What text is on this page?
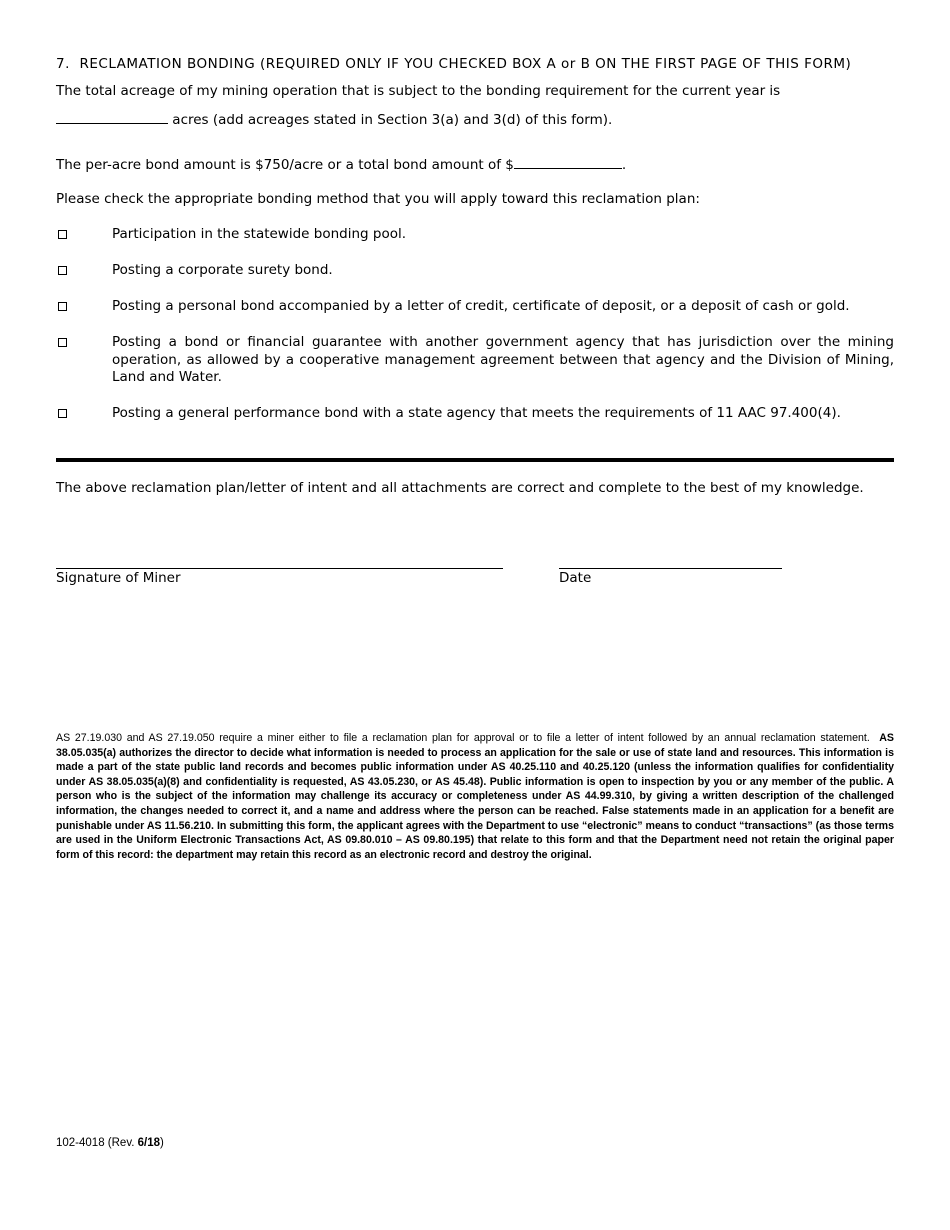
7. RECLAMATION BONDING (REQUIRED ONLY IF YOU CHECKED BOX A or B ON THE FIRST PAGE OF THIS FORM)
The total acreage of my mining operation that is subject to the bonding requirement for the current year is
acres (add acreages stated in Section 3(a) and 3(d) of this form).
The per-acre bond amount is $750/acre or a total bond amount of $	.
Please check the appropriate bonding method that you will apply toward this reclamation plan:
Participation in the statewide bonding pool.
Posting a corporate surety bond.
Posting a personal bond accompanied by a letter of credit, certificate of deposit, or a deposit of cash or gold.
Posting a bond or financial guarantee with another government agency that has jurisdiction over the mining operation, as allowed by a cooperative management agreement between that agency and the Division of Mining, Land and Water.
Posting a general performance bond with a state agency that meets the requirements of 11 AAC 97.400(4).
The above reclamation plan/letter of intent and all attachments are correct and complete to the best of my knowledge.
Signature of Miner	Date
AS 27.19.030 and AS 27.19.050 require a miner either to file a reclamation plan for approval or to file a letter of intent followed by an annual reclamation statement. AS 38.05.035(a) authorizes the director to decide what information is needed to process an application for the sale or use of state land and resources. This information is made a part of the state public land records and becomes public information under AS 40.25.110 and 40.25.120 (unless the information qualifies for confidentiality under AS 38.05.035(a)(8) and confidentiality is requested, AS 43.05.230, or AS 45.48). Public information is open to inspection by you or any member of the public. A person who is the subject of the information may challenge its accuracy or completeness under AS 44.99.310, by giving a written description of the challenged information, the changes needed to correct it, and a name and address where the person can be reached. False statements made in an application for a benefit are punishable under AS 11.56.210. In submitting this form, the applicant agrees with the Department to use “electronic” means to conduct “transactions” (as those terms are used in the Uniform Electronic Transactions Act, AS 09.80.010 – AS 09.80.195) that relate to this form and that the Department need not retain the original paper form of this record: the department may retain this record as an electronic record and destroy the original.
102-4018 (Rev. 6/18)
